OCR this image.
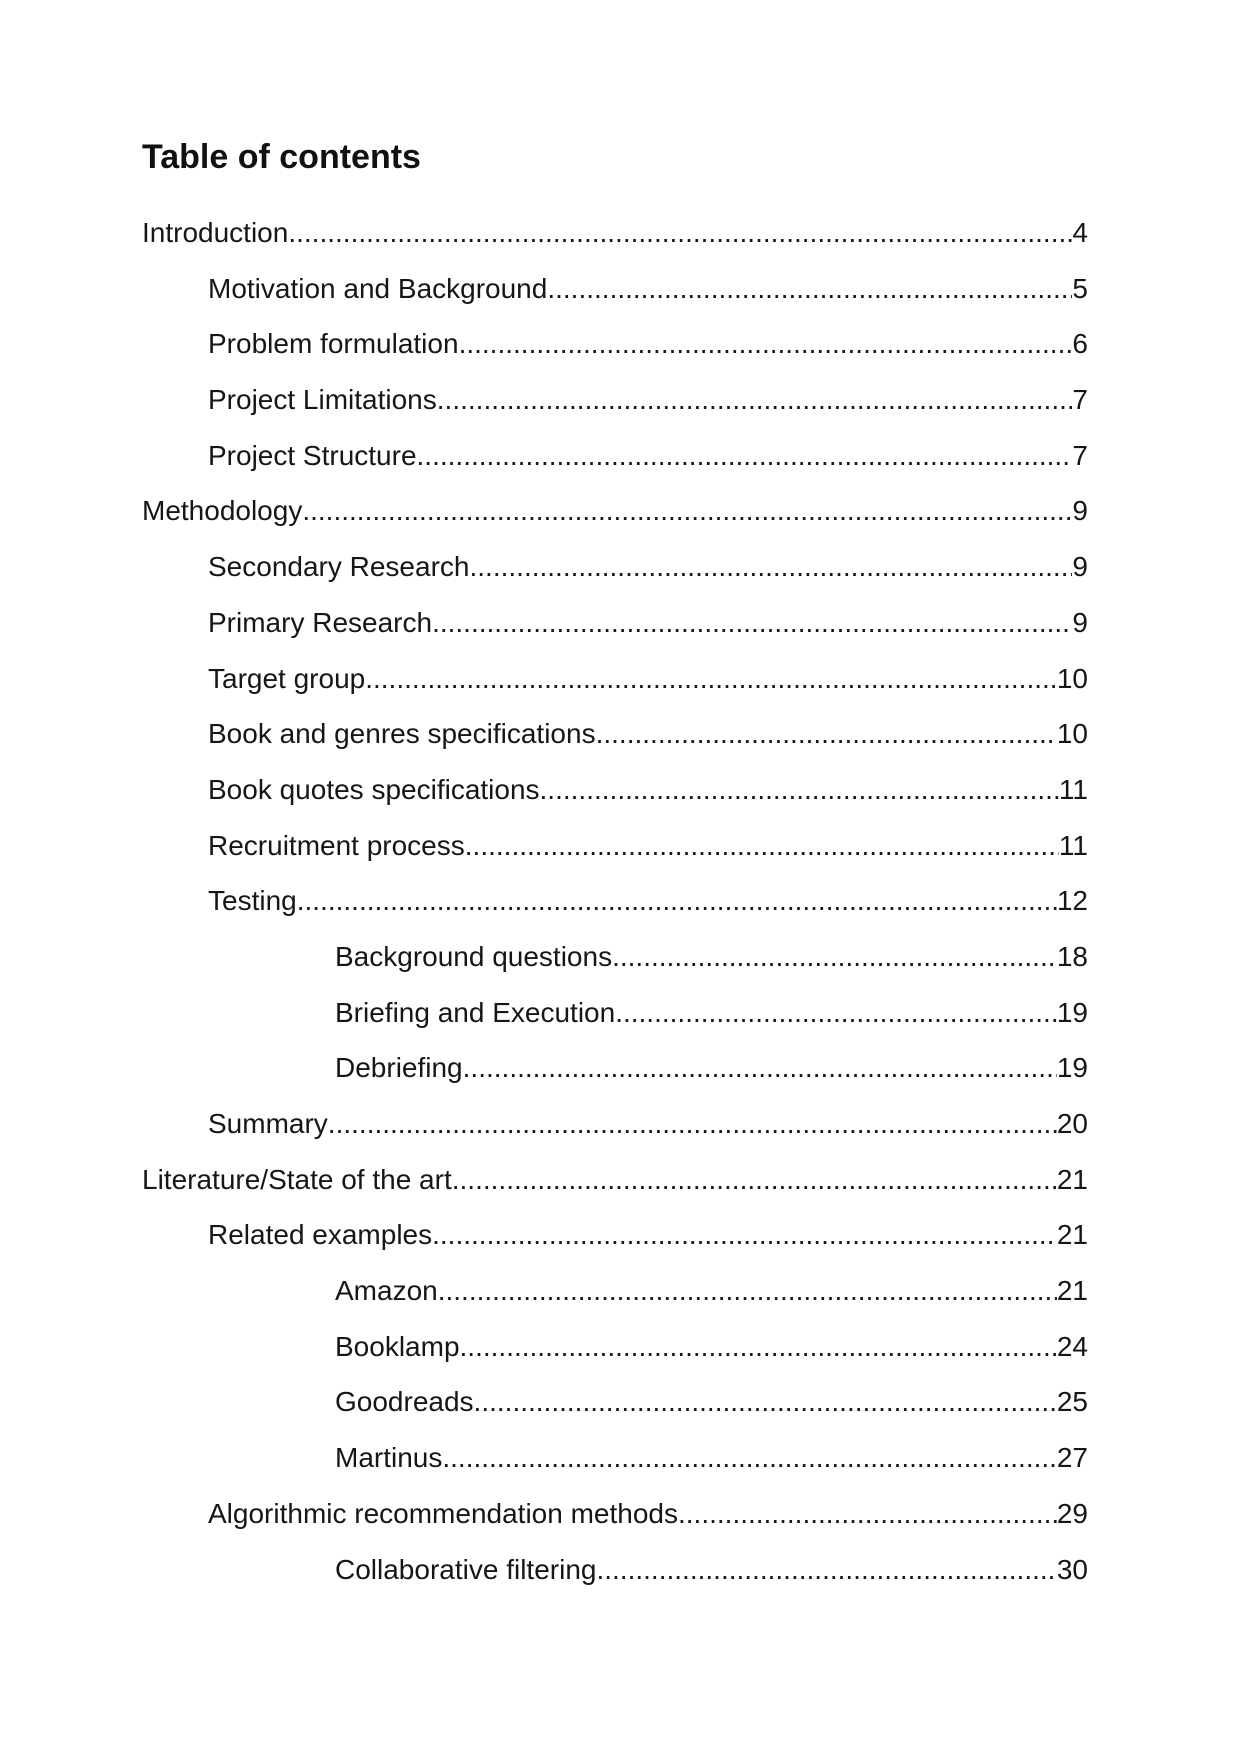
Table of contents
Introduction .....	4
Motivation and Background .....	5
Problem formulation .....	6
Project Limitations .....	7
Project Structure .....	7
Methodology .....	9
Secondary Research .....	9
Primary Research .....	9
Target group .....	10
Book and genres specifications .....	10
Book quotes specifications .....	11
Recruitment process .....	11
Testing .....	12
Background questions .....	18
Briefing and Execution .....	19
Debriefing .....	19
Summary .....	20
Literature/State of the art .....	21
Related examples .....	21
Amazon .....	21
Booklamp .....	24
Goodreads .....	25
Martinus .....	27
Algorithmic recommendation methods .....	29
Collaborative filtering .....	30
